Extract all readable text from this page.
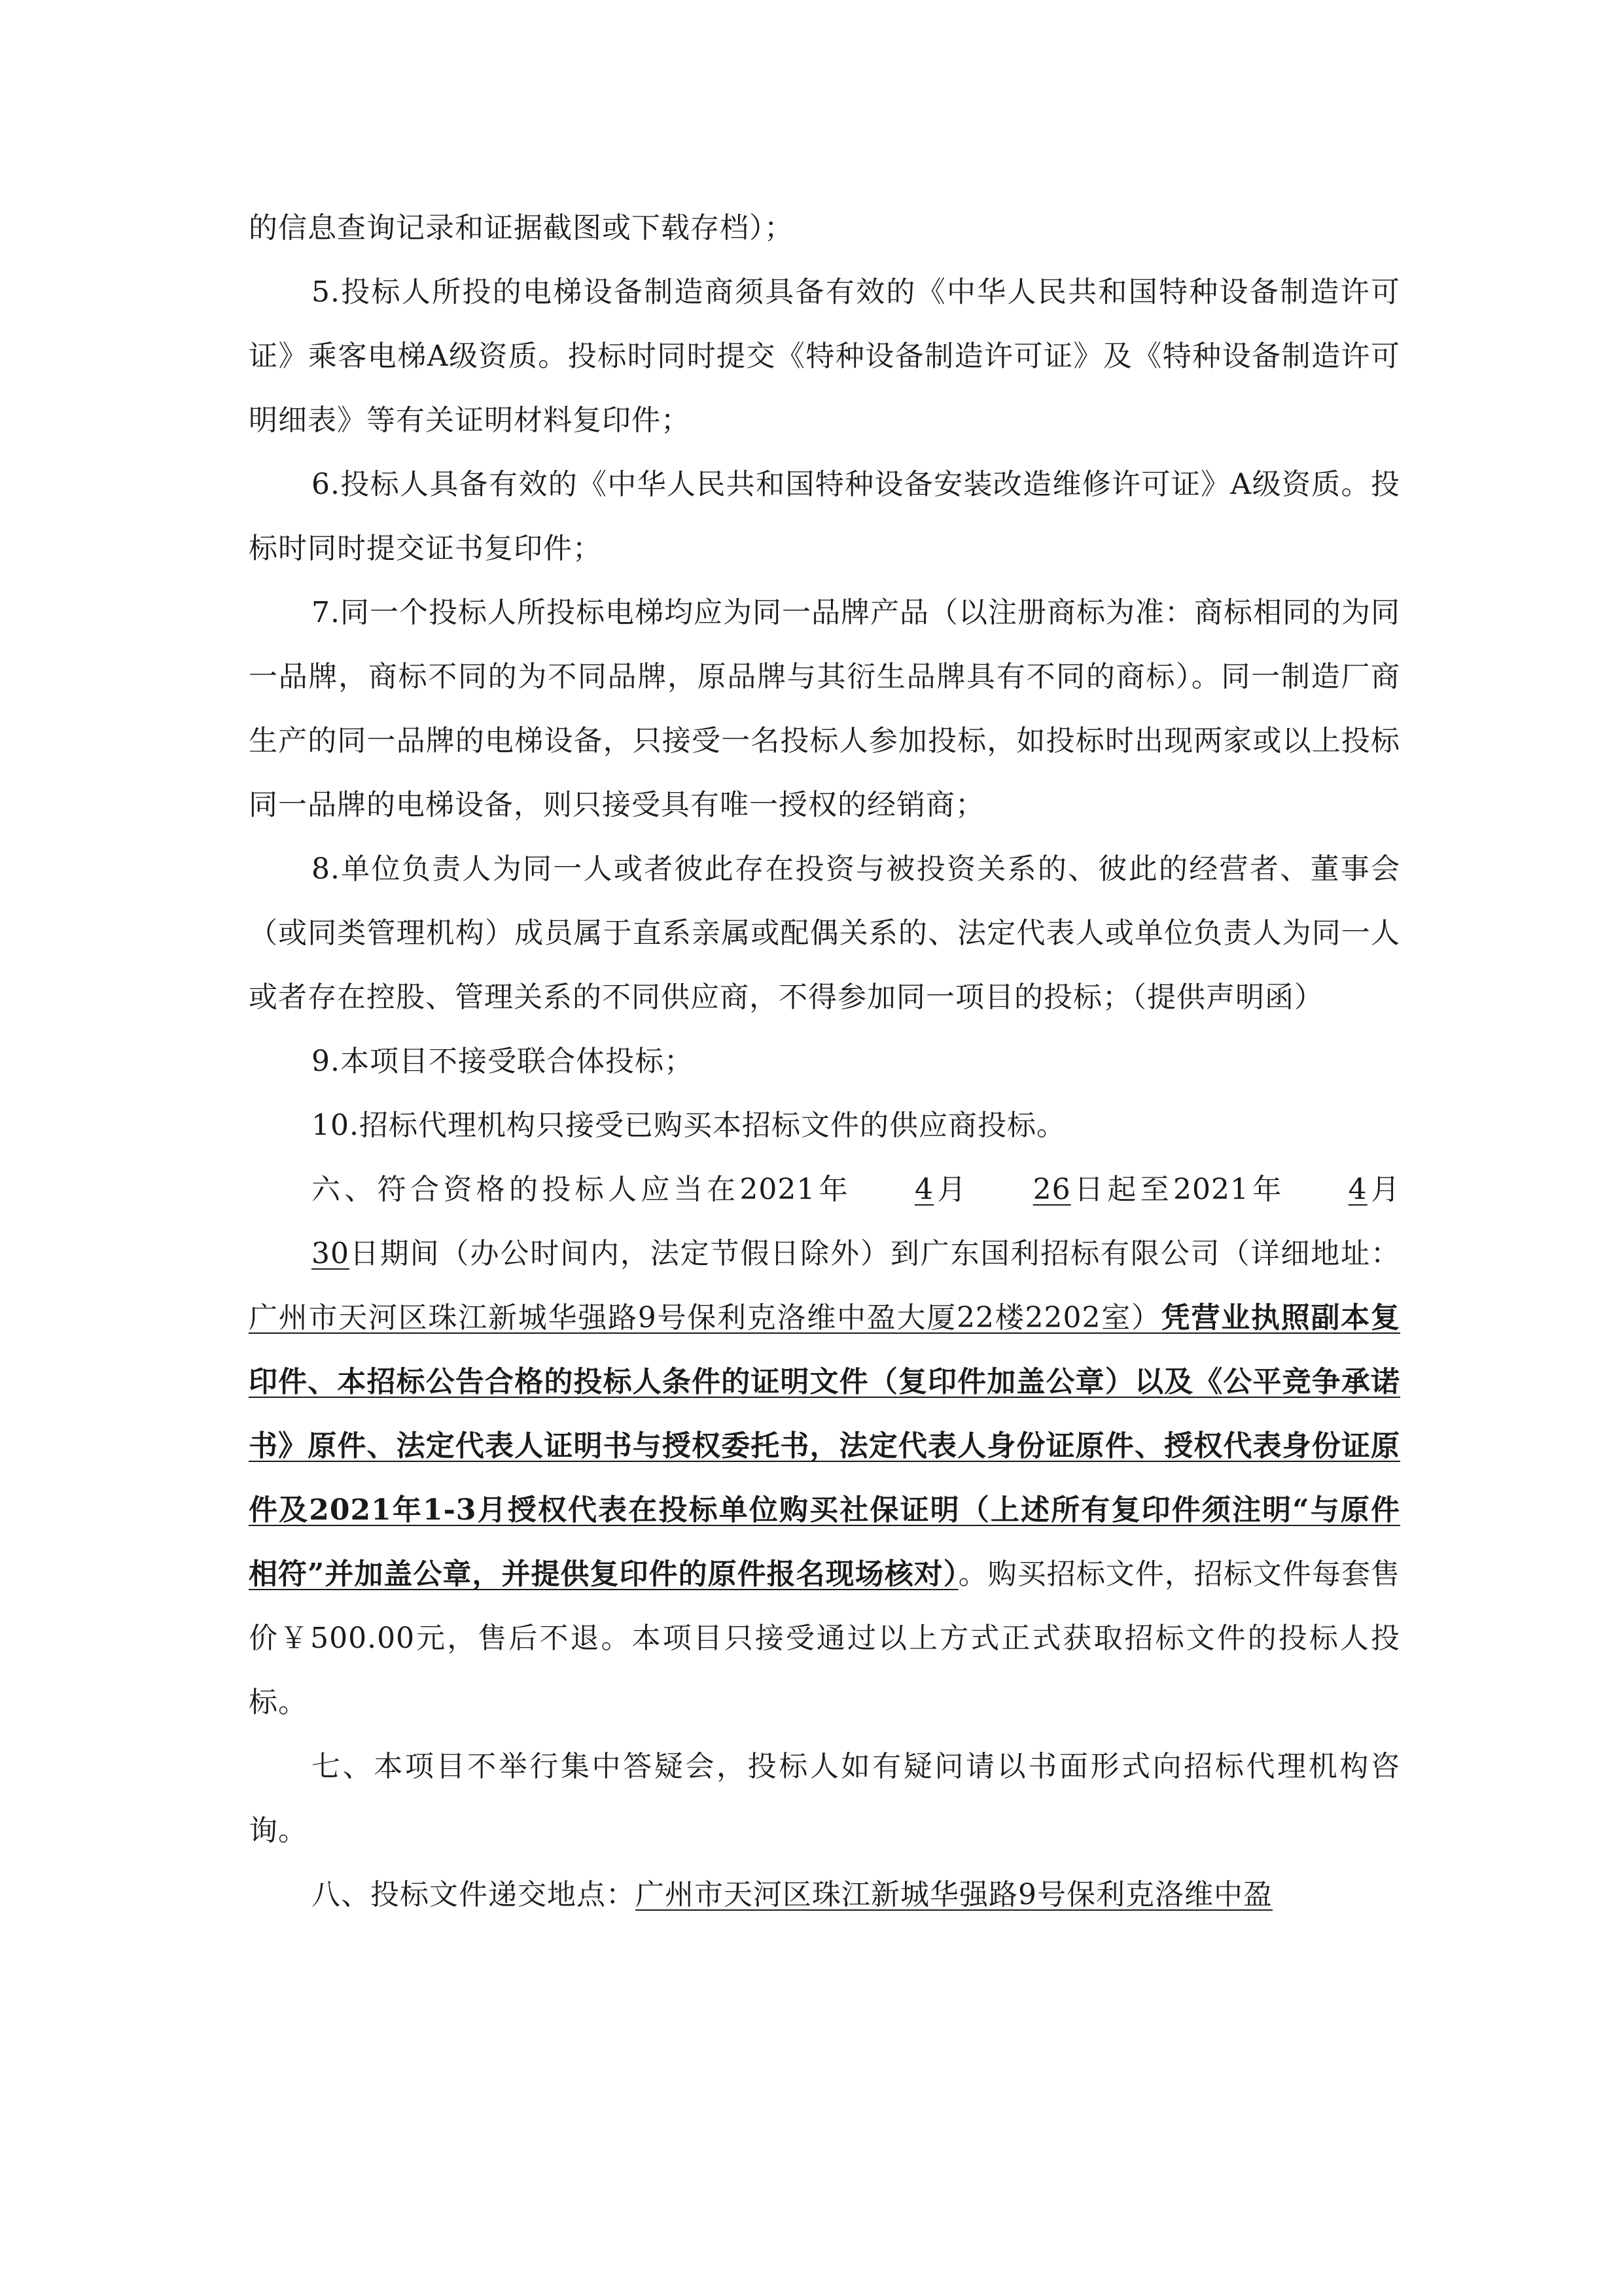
的信息查询记录和证据截图或下载存档）；

5.投标人所投的电梯设备制造商须具备有效的《中华人民共和国特种设备制造许可证》乘客电梯A级资质。投标时同时提交《特种设备制造许可证》及《特种设备制造许可明细表》等有关证明材料复印件；

6.投标人具备有效的《中华人民共和国特种设备安装改造维修许可证》A级资质。投标时同时提交证书复印件；

7.同一个投标人所投标电梯均应为同一品牌产品（以注册商标为准：商标相同的为同一品牌，商标不同的为不同品牌，原品牌与其衍生品牌具有不同的商标）。同一制造厂商生产的同一品牌的电梯设备，只接受一名投标人参加投标，如投标时出现两家或以上投标同一品牌的电梯设备，则只接受具有唯一授权的经销商；

8.单位负责人为同一人或者彼此存在投资与被投资关系的、彼此的经营者、董事会（或同类管理机构）成员属于直系亲属或配偶关系的、法定代表人或单位负责人为同一人或者存在控股、管理关系的不同供应商，不得参加同一项目的投标；（提供声明函）

9.本项目不接受联合体投标；

10.招标代理机构只接受已购买本招标文件的供应商投标。

六、符合资格的投标人应当在2021年 4月 26日起至2021年 4月30日期间（办公时间内，法定节假日除外）到广东国利招标有限公司（详细地址：广州市天河区珠江新城华强路9号保利克洛维中盈大厦22楼2202室）凭营业执照副本复印件、本招标公告合格的投标人条件的证明文件（复印件加盖公章）以及《公平竞争承诺书》原件、法定代表人证明书与授权委托书，法定代表人身份证原件、授权代表身份证原件及2021年1-3月授权代表在投标单位购买社保证明（上述所有复印件须注明“与原件相符”并加盖公章，并提供复印件的原件报名现场核对）。购买招标文件，招标文件每套售价￥500.00元，售后不退。本项目只接受通过以上方式正式获取招标文件的投标人投标。

七、本项目不举行集中答疑会，投标人如有疑问请以书面形式向招标代理机构咨询。

八、投标文件递交地点：广州市天河区珠江新城华强路9号保利克洛维中盈
